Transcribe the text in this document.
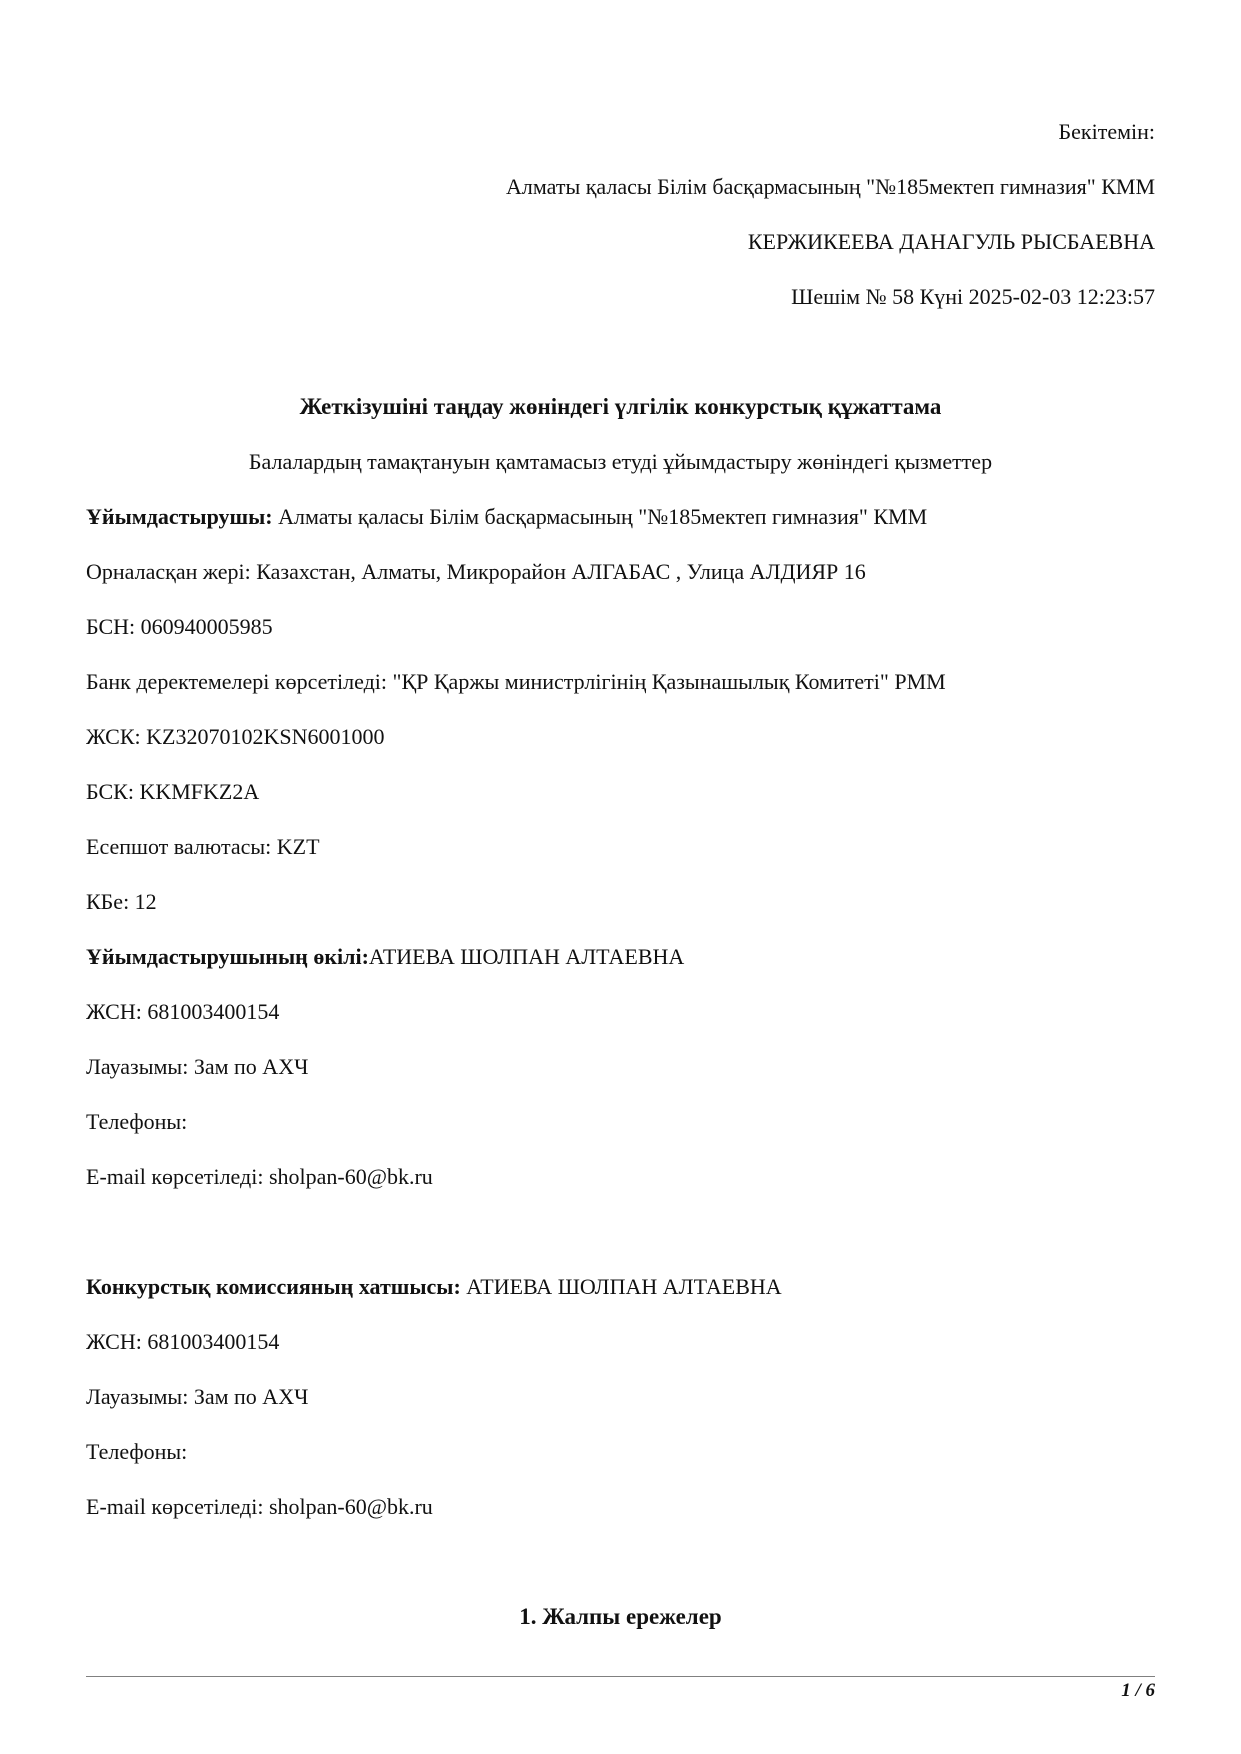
Бекітемін:

Алматы қаласы Білім басқармасының "№185мектеп гимназия" КММ

КЕРЖИКЕЕВА ДАНАГУЛЬ РЫСБАЕВНА

Шешім № 58 Күні 2025-02-03 12:23:57

Жеткізушіні таңдау жөніндегі үлгілік конкурстық құжаттама

Балалардың тамақтануын қамтамасыз етуді ұйымдастыру жөніндегі қызметтер

Ұйымдастырушы: Алматы қаласы Білім басқармасының "№185мектеп гимназия" КММ

Орналасқан жері: Казахстан, Алматы, Микрорайон АЛГАБАС , Улица АЛДИЯР 16

БСН: 060940005985

Банк деректемелері көрсетіледі: "ҚР Қаржы министрлігінің Қазынашылық Комитеті" РММ

ЖСК: KZ32070102KSN6001000

БСК: KKMFKZ2A

Есепшот валютасы: KZT

КБе: 12

Ұйымдастырушының өкілі:АТИЕВА ШОЛПАН АЛТАЕВНА

ЖСН: 681003400154

Лауазымы: Зам по АХЧ

Телефоны:

E-mail көрсетіледі: sholpan-60@bk.ru

Конкурстық комиссияның хатшысы: АТИЕВА ШОЛПАН АЛТАЕВНА

ЖСН: 681003400154

Лауазымы: Зам по АХЧ

Телефоны:

E-mail көрсетіледі: sholpan-60@bk.ru

1. Жалпы ережелер

1 / 6
